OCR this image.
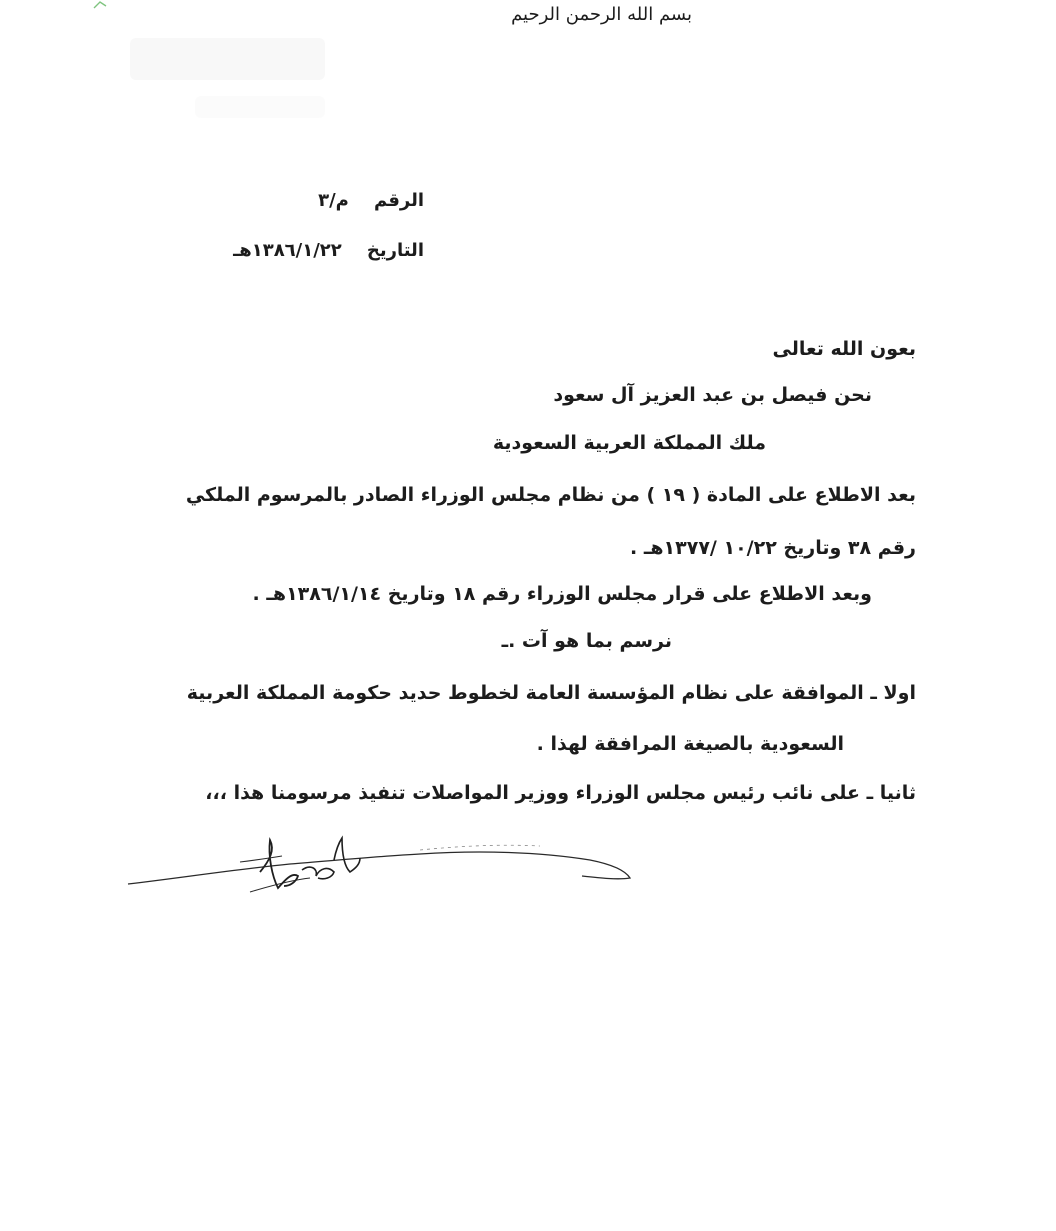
بسم الله الرحمن الرحيم
الرقم    م/٣
التاريخ    ١٣٨٦/١/٢٢هـ
بعون الله تعالى
نحن فيصل بن عبد العزيز آل سعود
ملك المملكة العربية السعودية
بعد الاطلاع على المادة ( ١٩ ) من نظام مجلس الوزراء الصادر بالمرسوم الملكي
رقم ٣٨ وتاريخ ١٠/٢٢ /١٣٧٧هـ .
وبعد الاطلاع على قرار مجلس الوزراء رقم ١٨ وتاريخ ١٣٨٦/١/١٤هـ .
نرسم بما هو آت .ـ
اولا ـ الموافقة على نظام المؤسسة العامة لخطوط حديد حكومة المملكة العربية
السعودية بالصيغة المرافقة لهذا .
ثانيا ـ على نائب رئيس مجلس الوزراء ووزير المواصلات تنفيذ مرسومنا هذا ،،،
